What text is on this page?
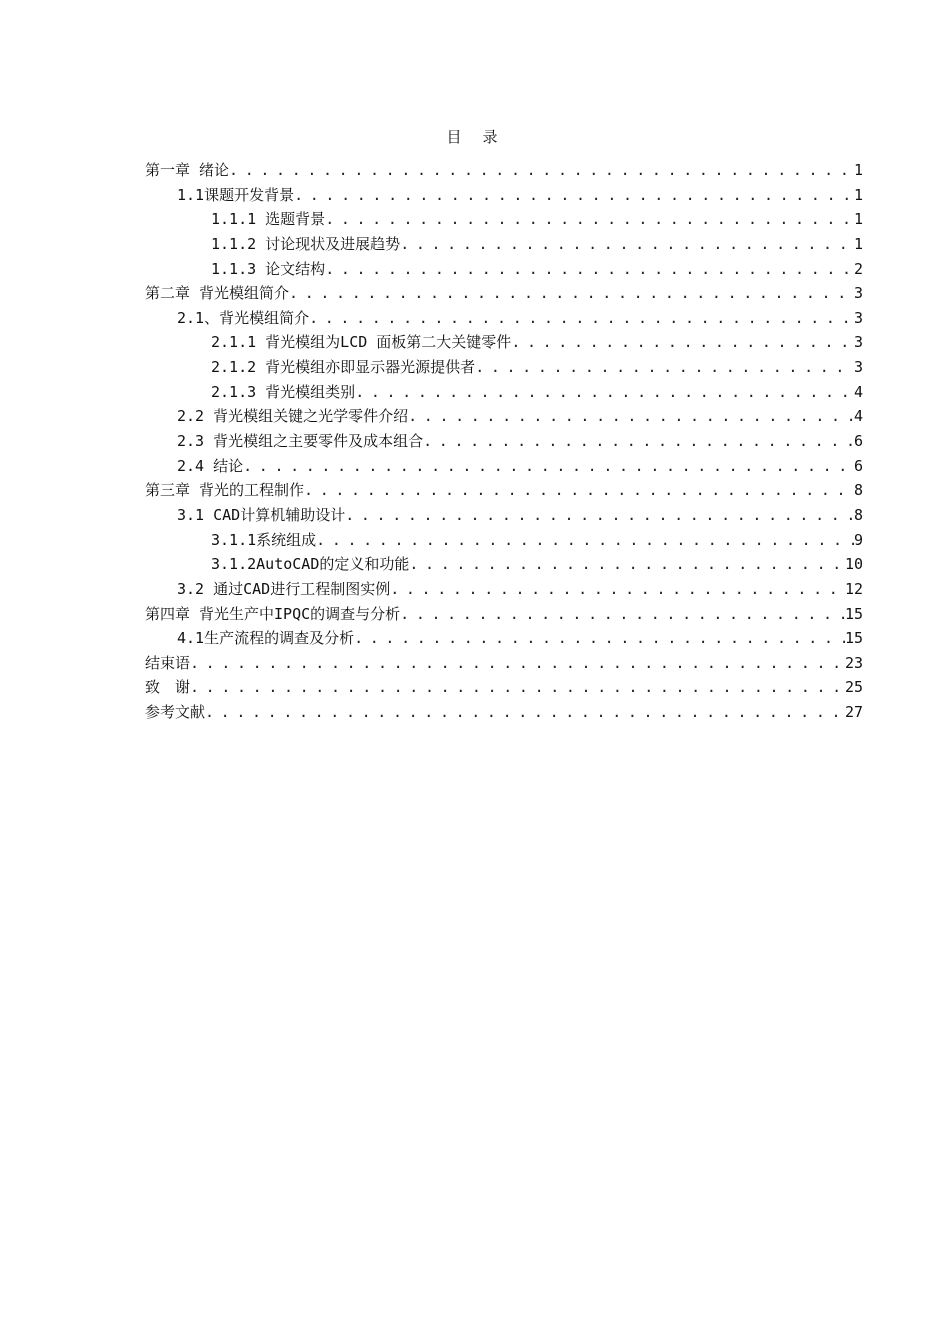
目 录
第一章 绪论 . . .	1
1.1课题开发背景 . . .	1
1.1.1 选题背景 . . .	1
1.1.2 讨论现状及进展趋势 . . .	1
1.1.3 论文结构 . . .	2
第二章 背光模组简介 . . .	3
2.1、背光模组简介 . . .	3
2.1.1 背光模组为LCD 面板第二大关键零件 . . .	3
2.1.2 背光模组亦即显示器光源提供者 . . .	3
2.1.3 背光模组类别 . . .	4
2.2 背光模组关键之光学零件介绍 . . .	4
2.3 背光模组之主要零件及成本组合 . . .	6
2.4 结论 . . .	6
第三章 背光的工程制作 . . .	8
3.1 CAD计算机辅助设计 . . .	8
3.1.1系统组成 . . .	9
3.1.2AutoCAD的定义和功能 . . .	10
3.2 通过CAD进行工程制图实例 . . .	12
第四章 背光生产中IPQC的调查与分析 . . .	15
4.1生产流程的调查及分析 . . .	15
结束语 . . .	23
致　谢 . . .	25
参考文献 . . .	27
